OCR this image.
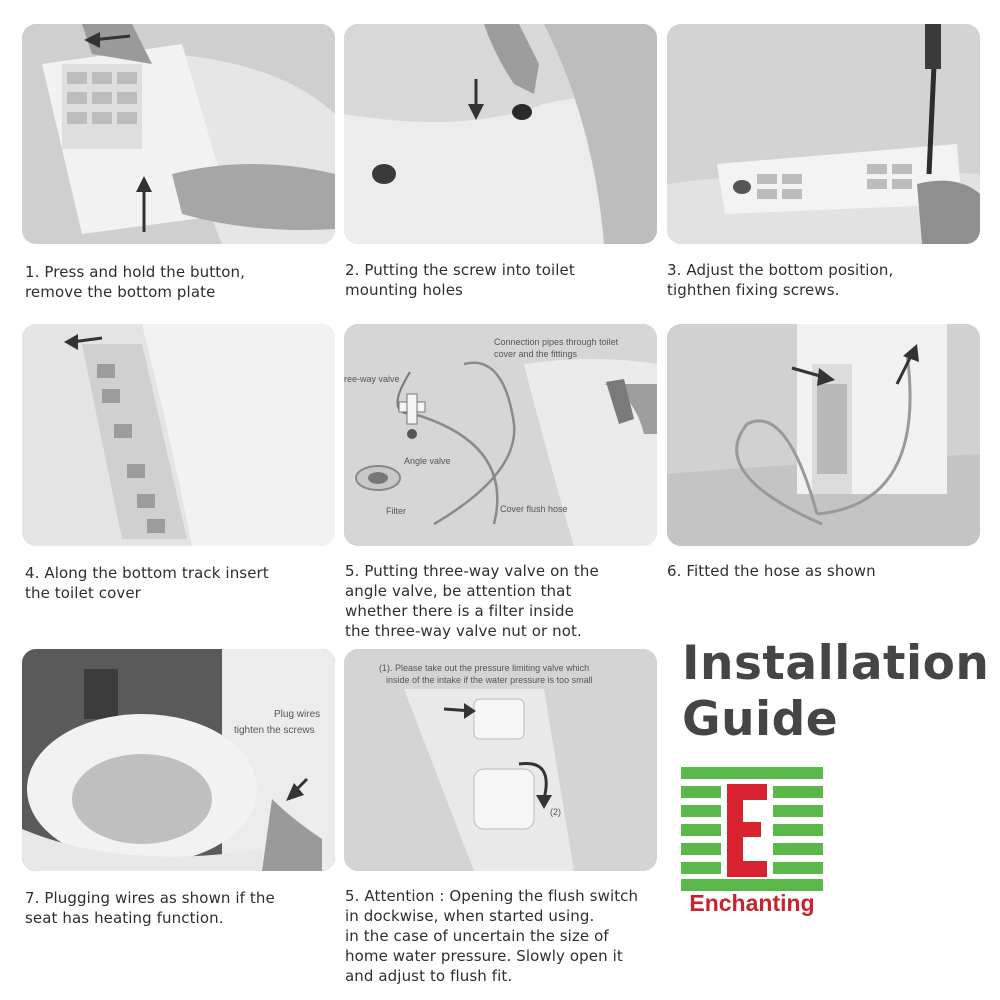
1. Press and hold the button,
remove the bottom plate
2. Putting the screw into toilet
mounting holes
3. Adjust the bottom position,
tighthen fixing screws.
Connection pipes through toilet
cover and the fittings
ree-way valve
Angle valve
Filter	Cover flush hose
4. Along the bottom track insert
the toilet cover
5. Putting three-way valve on the
angle valve, be attention that
whether there is a filter inside
the three-way valve nut or not.
6. Fitted the hose as shown
Plug wires
tighten the screws
(1). Please take out the pressure limiting valve which
inside of the intake if the water pressure is too small
(2)
7. Plugging wires as shown if the
seat has heating function.
5. Attention : Opening the flush switch
in dockwise, when started using.
in the case of uncertain the size of
home water pressure. Slowly open it
and adjust to flush fit.
Installation
Guide
Enchanting
